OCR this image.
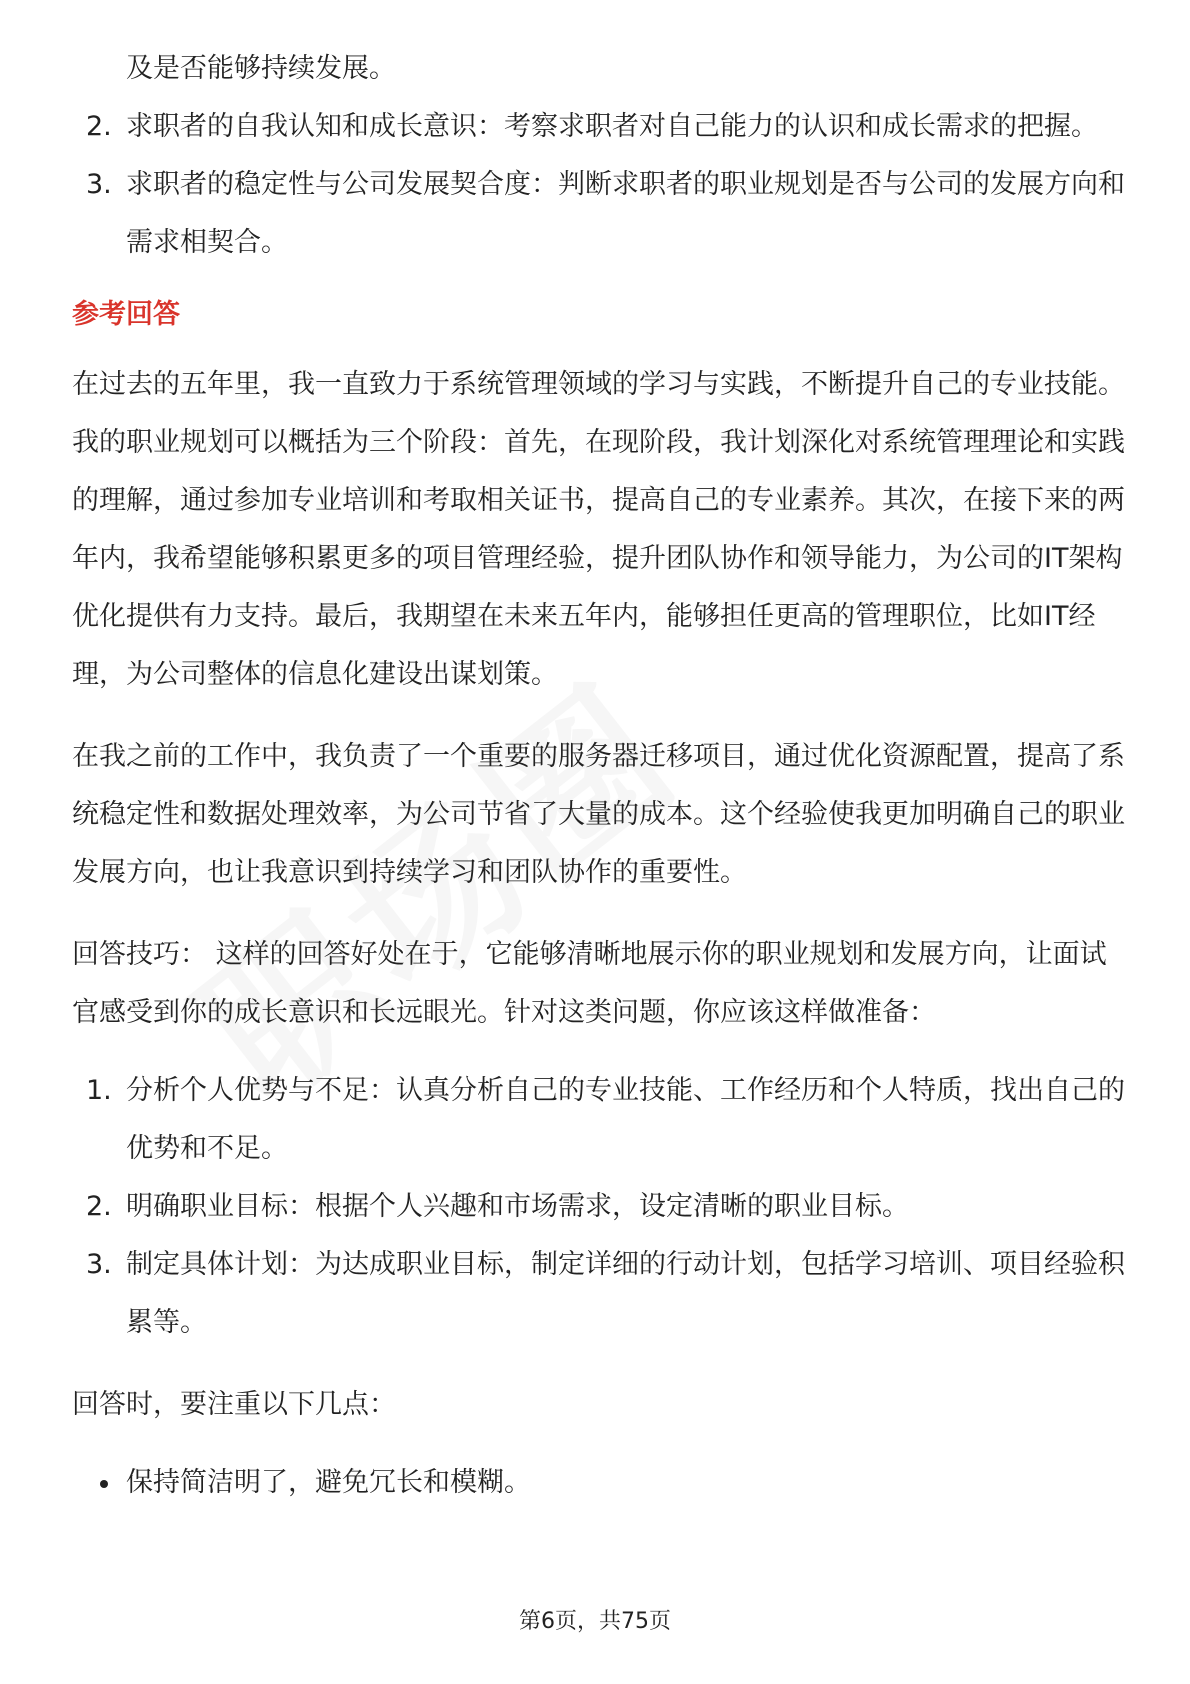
及是否能够持续发展。
2. 求职者的自我认知和成长意识：考察求职者对自己能力的认识和成长需求的把握。
3. 求职者的稳定性与公司发展契合度：判断求职者的职业规划是否与公司的发展方向和需求相契合。
参考回答

在过去的五年里，我一直致力于系统管理领域的学习与实践，不断提升自己的专业技能。我的职业规划可以概括为三个阶段：首先，在现阶段，我计划深化对系统管理理论和实践的理解，通过参加专业培训和考取相关证书，提高自己的专业素养。其次，在接下来的两年内，我希望能够积累更多的项目管理经验，提升团队协作和领导能力，为公司的IT架构优化提供有力支持。最后，我期望在未来五年内，能够担任更高的管理职位，比如IT经理，为公司整体的信息化建设出谋划策。

在我之前的工作中，我负责了一个重要的服务器迁移项目，通过优化资源配置，提高了系统稳定性和数据处理效率，为公司节省了大量的成本。这个经验使我更加明确自己的职业发展方向，也让我意识到持续学习和团队协作的重要性。

回答技巧： 这样的回答好处在于，它能够清晰地展示你的职业规划和发展方向，让面试官感受到你的成长意识和长远眼光。针对这类问题，你应该这样做准备：

1. 分析个人优势与不足：认真分析自己的专业技能、工作经历和个人特质，找出自己的优势和不足。
2. 明确职业目标：根据个人兴趣和市场需求，设定清晰的职业目标。
3. 制定具体计划：为达成职业目标，制定详细的行动计划，包括学习培训、项目经验积累等。

回答时，要注重以下几点：

保持简洁明了，避免冗长和模糊。
第6页，共75页
